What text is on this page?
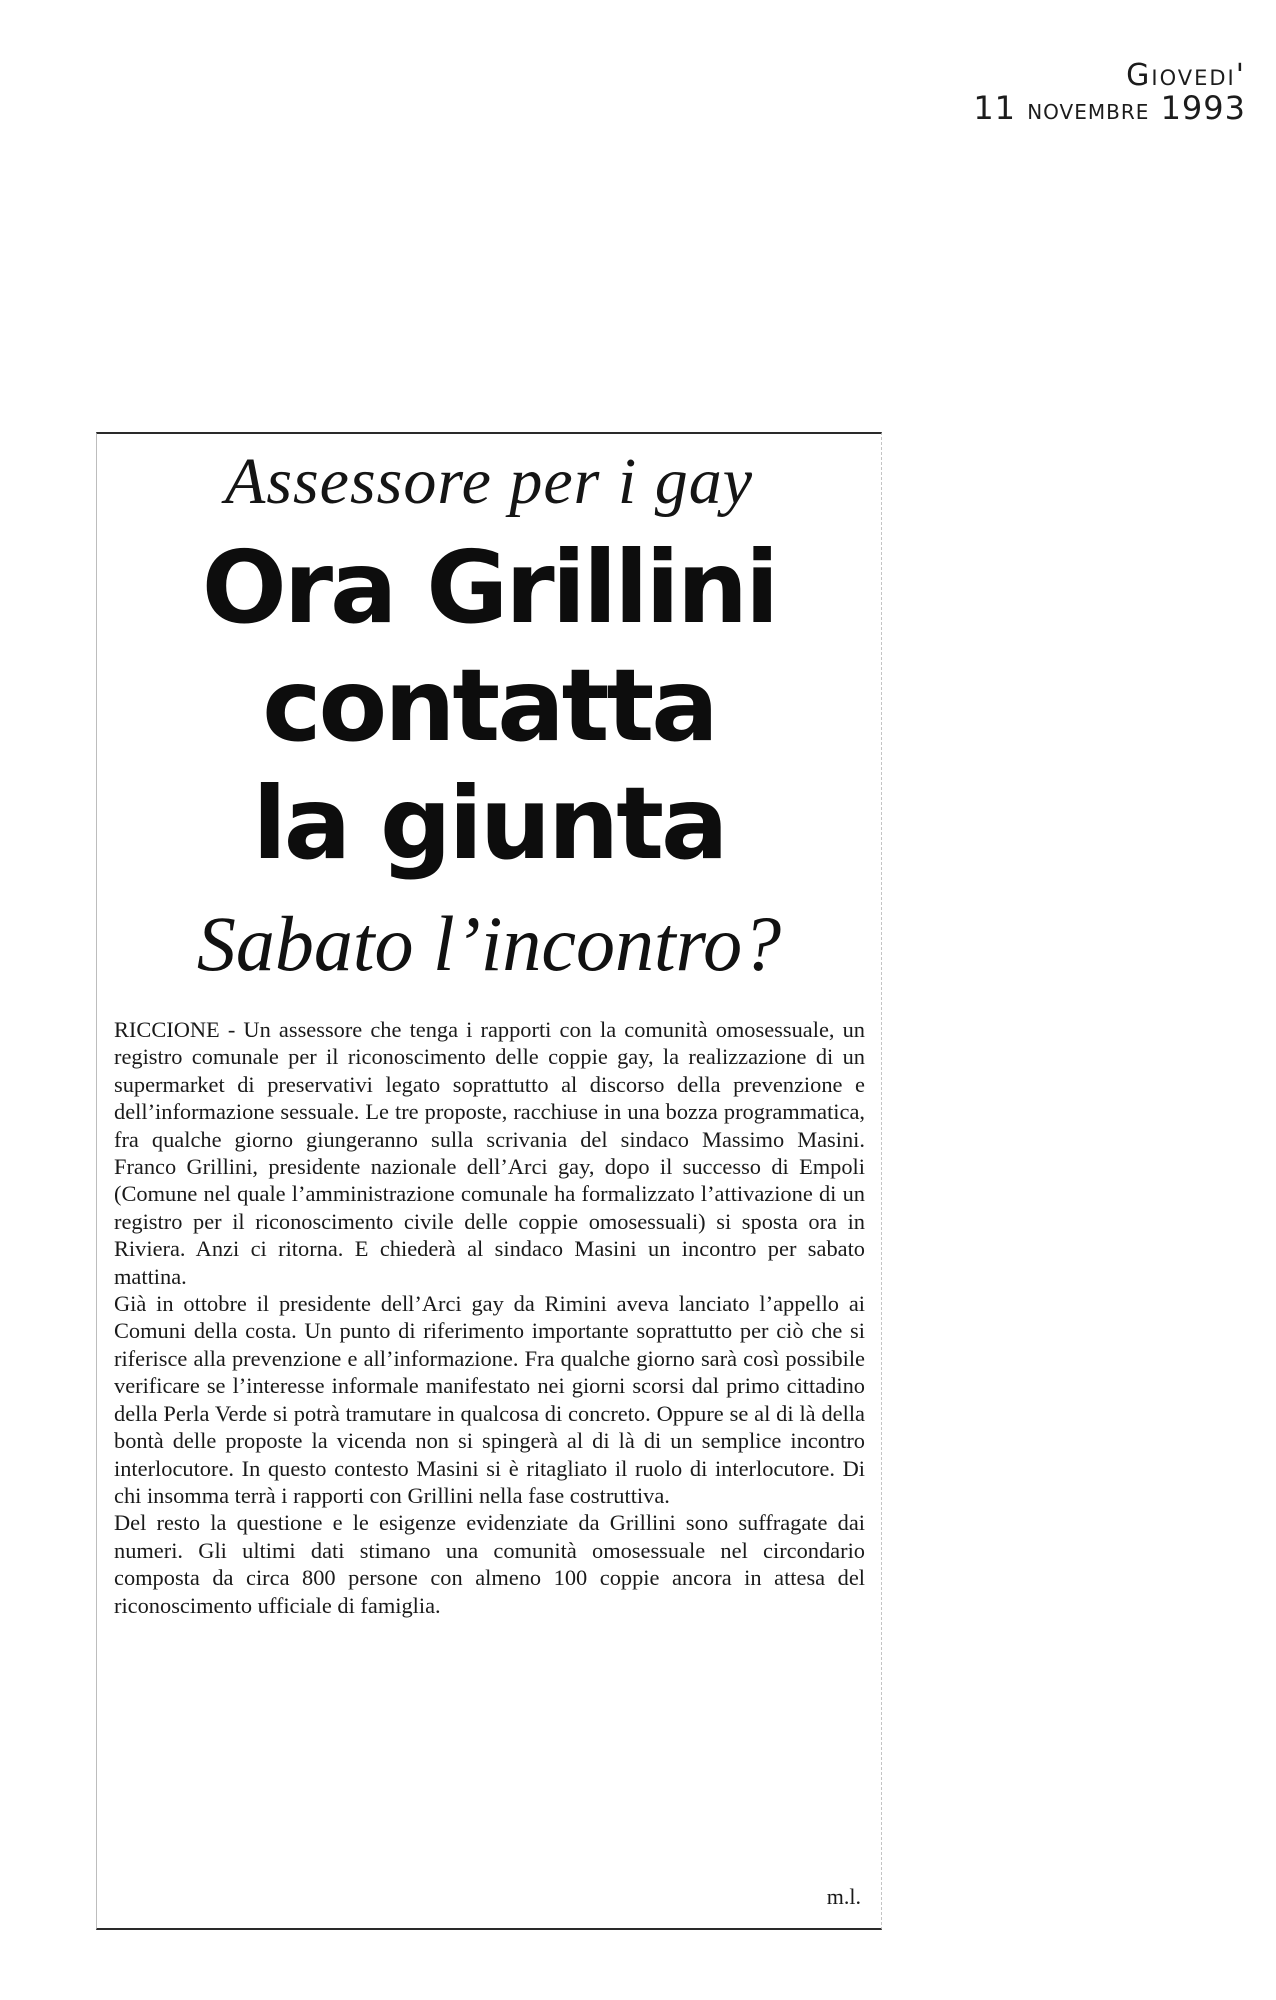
Giovedi'
11 novembre 1993
Assessore per i gay
Ora Grillini
contatta
la giunta
Sabato l’incontro?

RICCIONE - Un assessore che tenga i rapporti con la comunità omosessuale, un registro comunale per il riconoscimento delle coppie gay, la realizzazione di un supermarket di preservativi legato soprattutto al discorso della prevenzione e dell’informazione sessuale. Le tre proposte, racchiuse in una bozza programmatica, fra qualche giorno giungeranno sulla scrivania del sindaco Massimo Masini. Franco Grillini, presidente nazionale dell’Arci gay, dopo il successo di Empoli (Comune nel quale l’amministrazione comunale ha formalizzato l’attivazione di un registro per il riconoscimento civile delle coppie omosessuali) si sposta ora in Riviera. Anzi ci ritorna. E chiederà al sindaco Masini un incontro per sabato mattina.

Già in ottobre il presidente dell’Arci gay da Rimini aveva lanciato l’appello ai Comuni della costa. Un punto di riferimento importante soprattutto per ciò che si riferisce alla prevenzione e all’informazione. Fra qualche giorno sarà così possibile verificare se l’interesse informale manifestato nei giorni scorsi dal primo cittadino della Perla Verde si potrà tramutare in qualcosa di concreto. Oppure se al di là della bontà delle proposte la vicenda non si spingerà al di là di un semplice incontro interlocutore. In questo contesto Masini si è ritagliato il ruolo di interlocutore. Di chi insomma terrà i rapporti con Grillini nella fase costruttiva.

Del resto la questione e le esigenze evidenziate da Grillini sono suffragate dai numeri. Gli ultimi dati stimano una comunità omosessuale nel circondario composta da circa 800 persone con almeno 100 coppie ancora in attesa del riconoscimento ufficiale di famiglia.

m.l.
